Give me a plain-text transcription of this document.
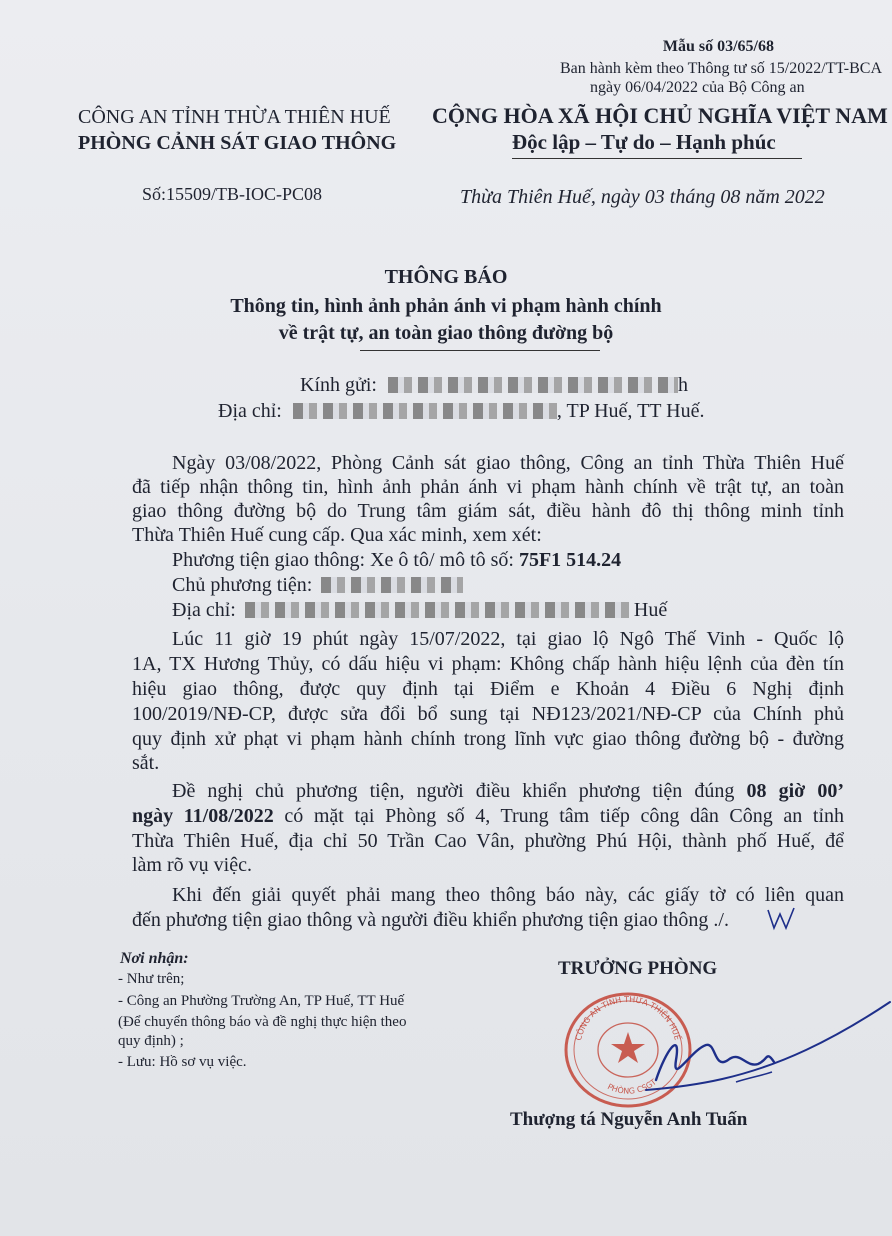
Mẫu số 03/65/68
Ban hành kèm theo Thông tư số 15/2022/TT-BCA
ngày 06/04/2022 của Bộ Công an
CÔNG AN TỈNH THỪA THIÊN HUẾ
PHÒNG CẢNH SÁT GIAO THÔNG
CỘNG HÒA XÃ HỘI CHỦ NGHĨA VIỆT NAM
Độc lập – Tự do – Hạnh phúc
Số:15509/TB-IOC-PC08	Thừa Thiên Huế, ngày 03 tháng 08 năm 2022
THÔNG BÁO
Thông tin, hình ảnh phản ánh vi phạm hành chính
về trật tự, an toàn giao thông đường bộ
Kính gửi:	h
Địa chỉ:	, TP Huế, TT Huế.
Ngày 03/08/2022, Phòng Cảnh sát giao thông, Công an tỉnh Thừa Thiên Huế
đã tiếp nhận thông tin, hình ảnh phản ánh vi phạm hành chính về trật tự, an toàn
giao thông đường bộ do Trung tâm giám sát, điều hành đô thị thông minh tỉnh
Thừa Thiên Huế cung cấp. Qua xác minh, xem xét:
Phương tiện giao thông: Xe ô tô/ mô tô số: 75F1 514.24
Chủ phương tiện:
Địa chỉ:	Huế
Lúc 11 giờ 19 phút ngày 15/07/2022, tại giao lộ Ngô Thế Vinh - Quốc lộ
1A, TX Hương Thủy, có dấu hiệu vi phạm: Không chấp hành hiệu lệnh của đèn tín
hiệu giao thông, được quy định tại Điểm e Khoản 4 Điều 6 Nghị định
100/2019/NĐ-CP, được sửa đổi bổ sung tại NĐ123/2021/NĐ-CP của Chính phủ
quy định xử phạt vi phạm hành chính trong lĩnh vực giao thông đường bộ - đường
sắt.
Đề nghị chủ phương tiện, người điều khiển phương tiện đúng 08 giờ 00’
ngày 11/08/2022 có mặt tại Phòng số 4, Trung tâm tiếp công dân Công an tỉnh
Thừa Thiên Huế, địa chỉ 50 Trần Cao Vân, phường Phú Hội, thành phố Huế, để
làm rõ vụ việc.
Khi đến giải quyết phải mang theo thông báo này, các giấy tờ có liên quan
đến phương tiện giao thông và người điều khiển phương tiện giao thông ./.
Nơi nhận:
- Như trên;
- Công an Phường Trường An, TP Huế, TT Huế
(Để chuyển thông báo và đề nghị thực hiện theo
quy định) ;
- Lưu: Hồ sơ vụ việc.
TRƯỞNG PHÒNG
CÔNG AN TỈNH THỪA THIÊN HUẾ
PHÒNG CSGT
Thượng tá Nguyễn Anh Tuấn
